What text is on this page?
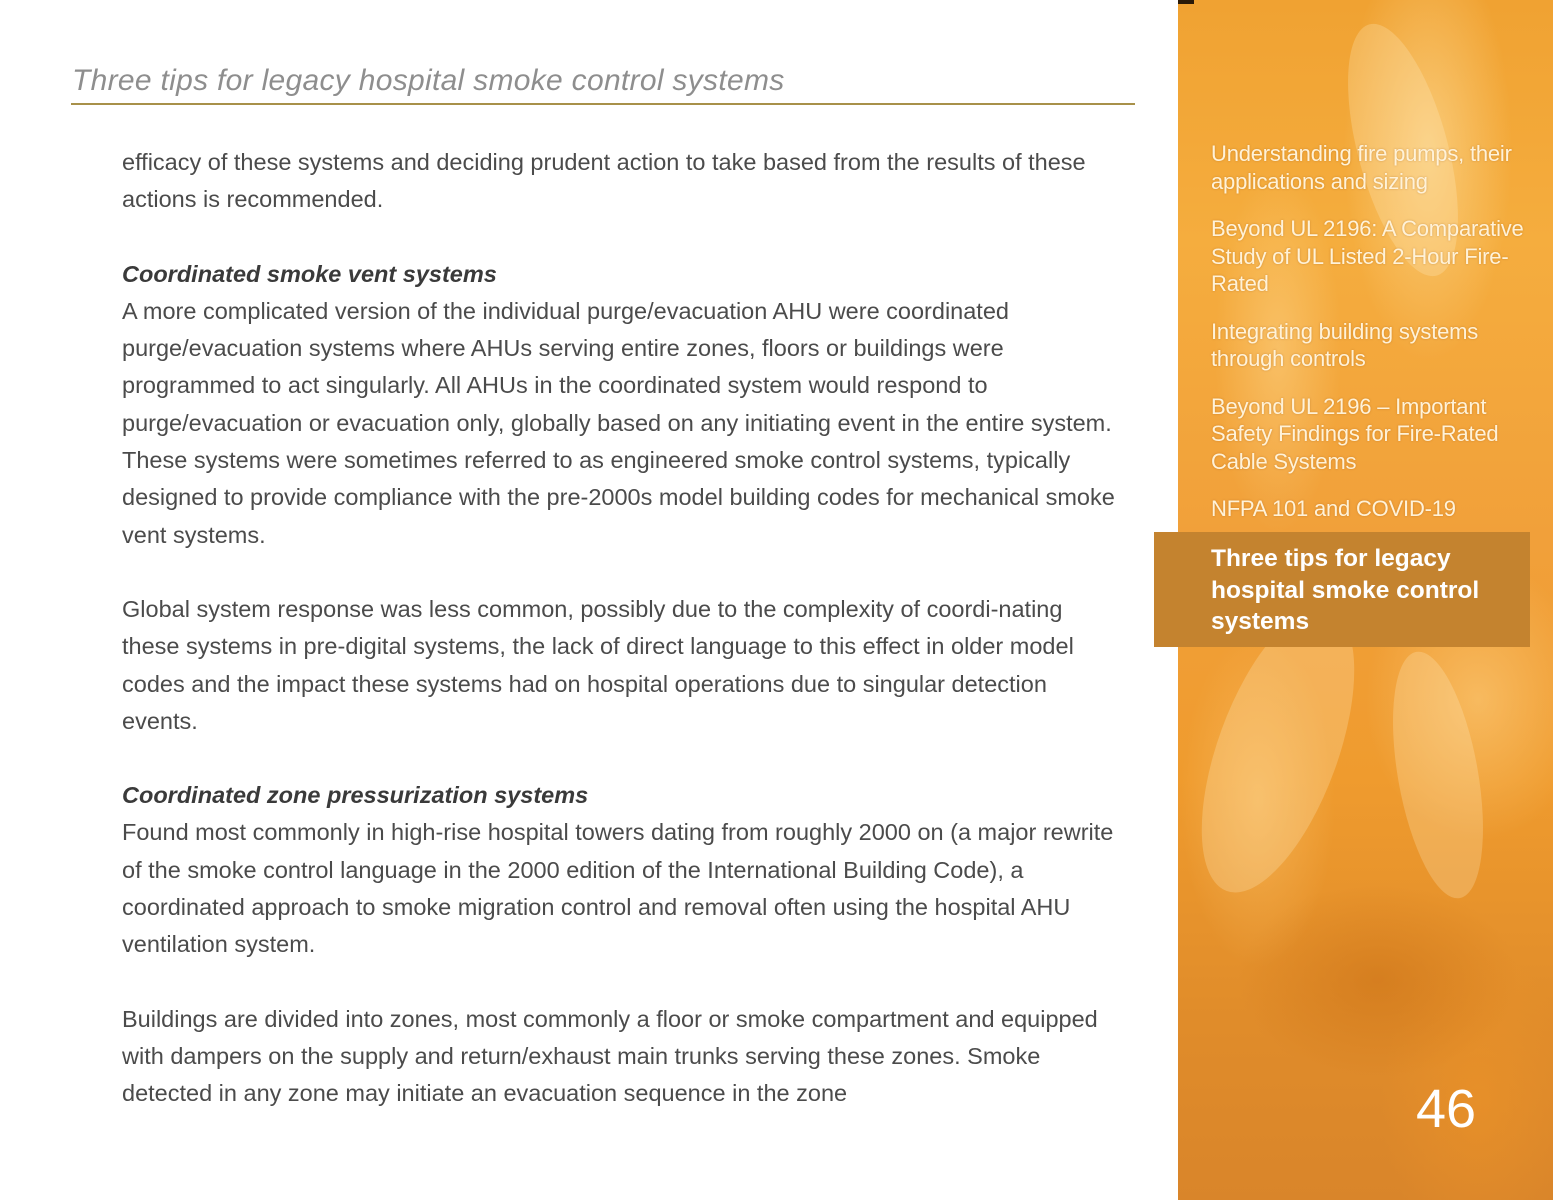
Three tips for legacy hospital smoke control systems

efficacy of these systems and deciding prudent action to take based from the results of these actions is recommended.

Coordinated smoke vent systems
A more complicated version of the individual purge/evacuation AHU were coordinated purge/evacuation systems where AHUs serving entire zones, floors or buildings were programmed to act singularly. All AHUs in the coordinated system would respond to purge/evacuation or evacuation only, globally based on any initiating event in the entire system. These systems were sometimes referred to as engineered smoke control systems, typically designed to provide compliance with the pre-2000s model building codes for mechanical smoke vent systems.

Global system response was less common, possibly due to the complexity of coordi-nating these systems in pre-digital systems, the lack of direct language to this effect in older model codes and the impact these systems had on hospital operations due to singular detection events.

Coordinated zone pressurization systems
Found most commonly in high-rise hospital towers dating from roughly 2000 on (a major rewrite of the smoke control language in the 2000 edition of the International Building Code), a coordinated approach to smoke migration control and removal often using the hospital AHU ventilation system.

Buildings are divided into zones, most commonly a floor or smoke compartment and equipped with dampers on the supply and return/exhaust main trunks serving these zones. Smoke detected in any zone may initiate an evacuation sequence in the zone

Understanding fire pumps, their applications and sizing
Beyond UL 2196: A Comparative Study of UL Listed 2-Hour Fire-Rated
Integrating building systems through controls
Beyond UL 2196 – Important Safety Findings for Fire-Rated Cable Systems
NFPA 101 and COVID-19
Three tips for legacy hospital smoke control systems
46
